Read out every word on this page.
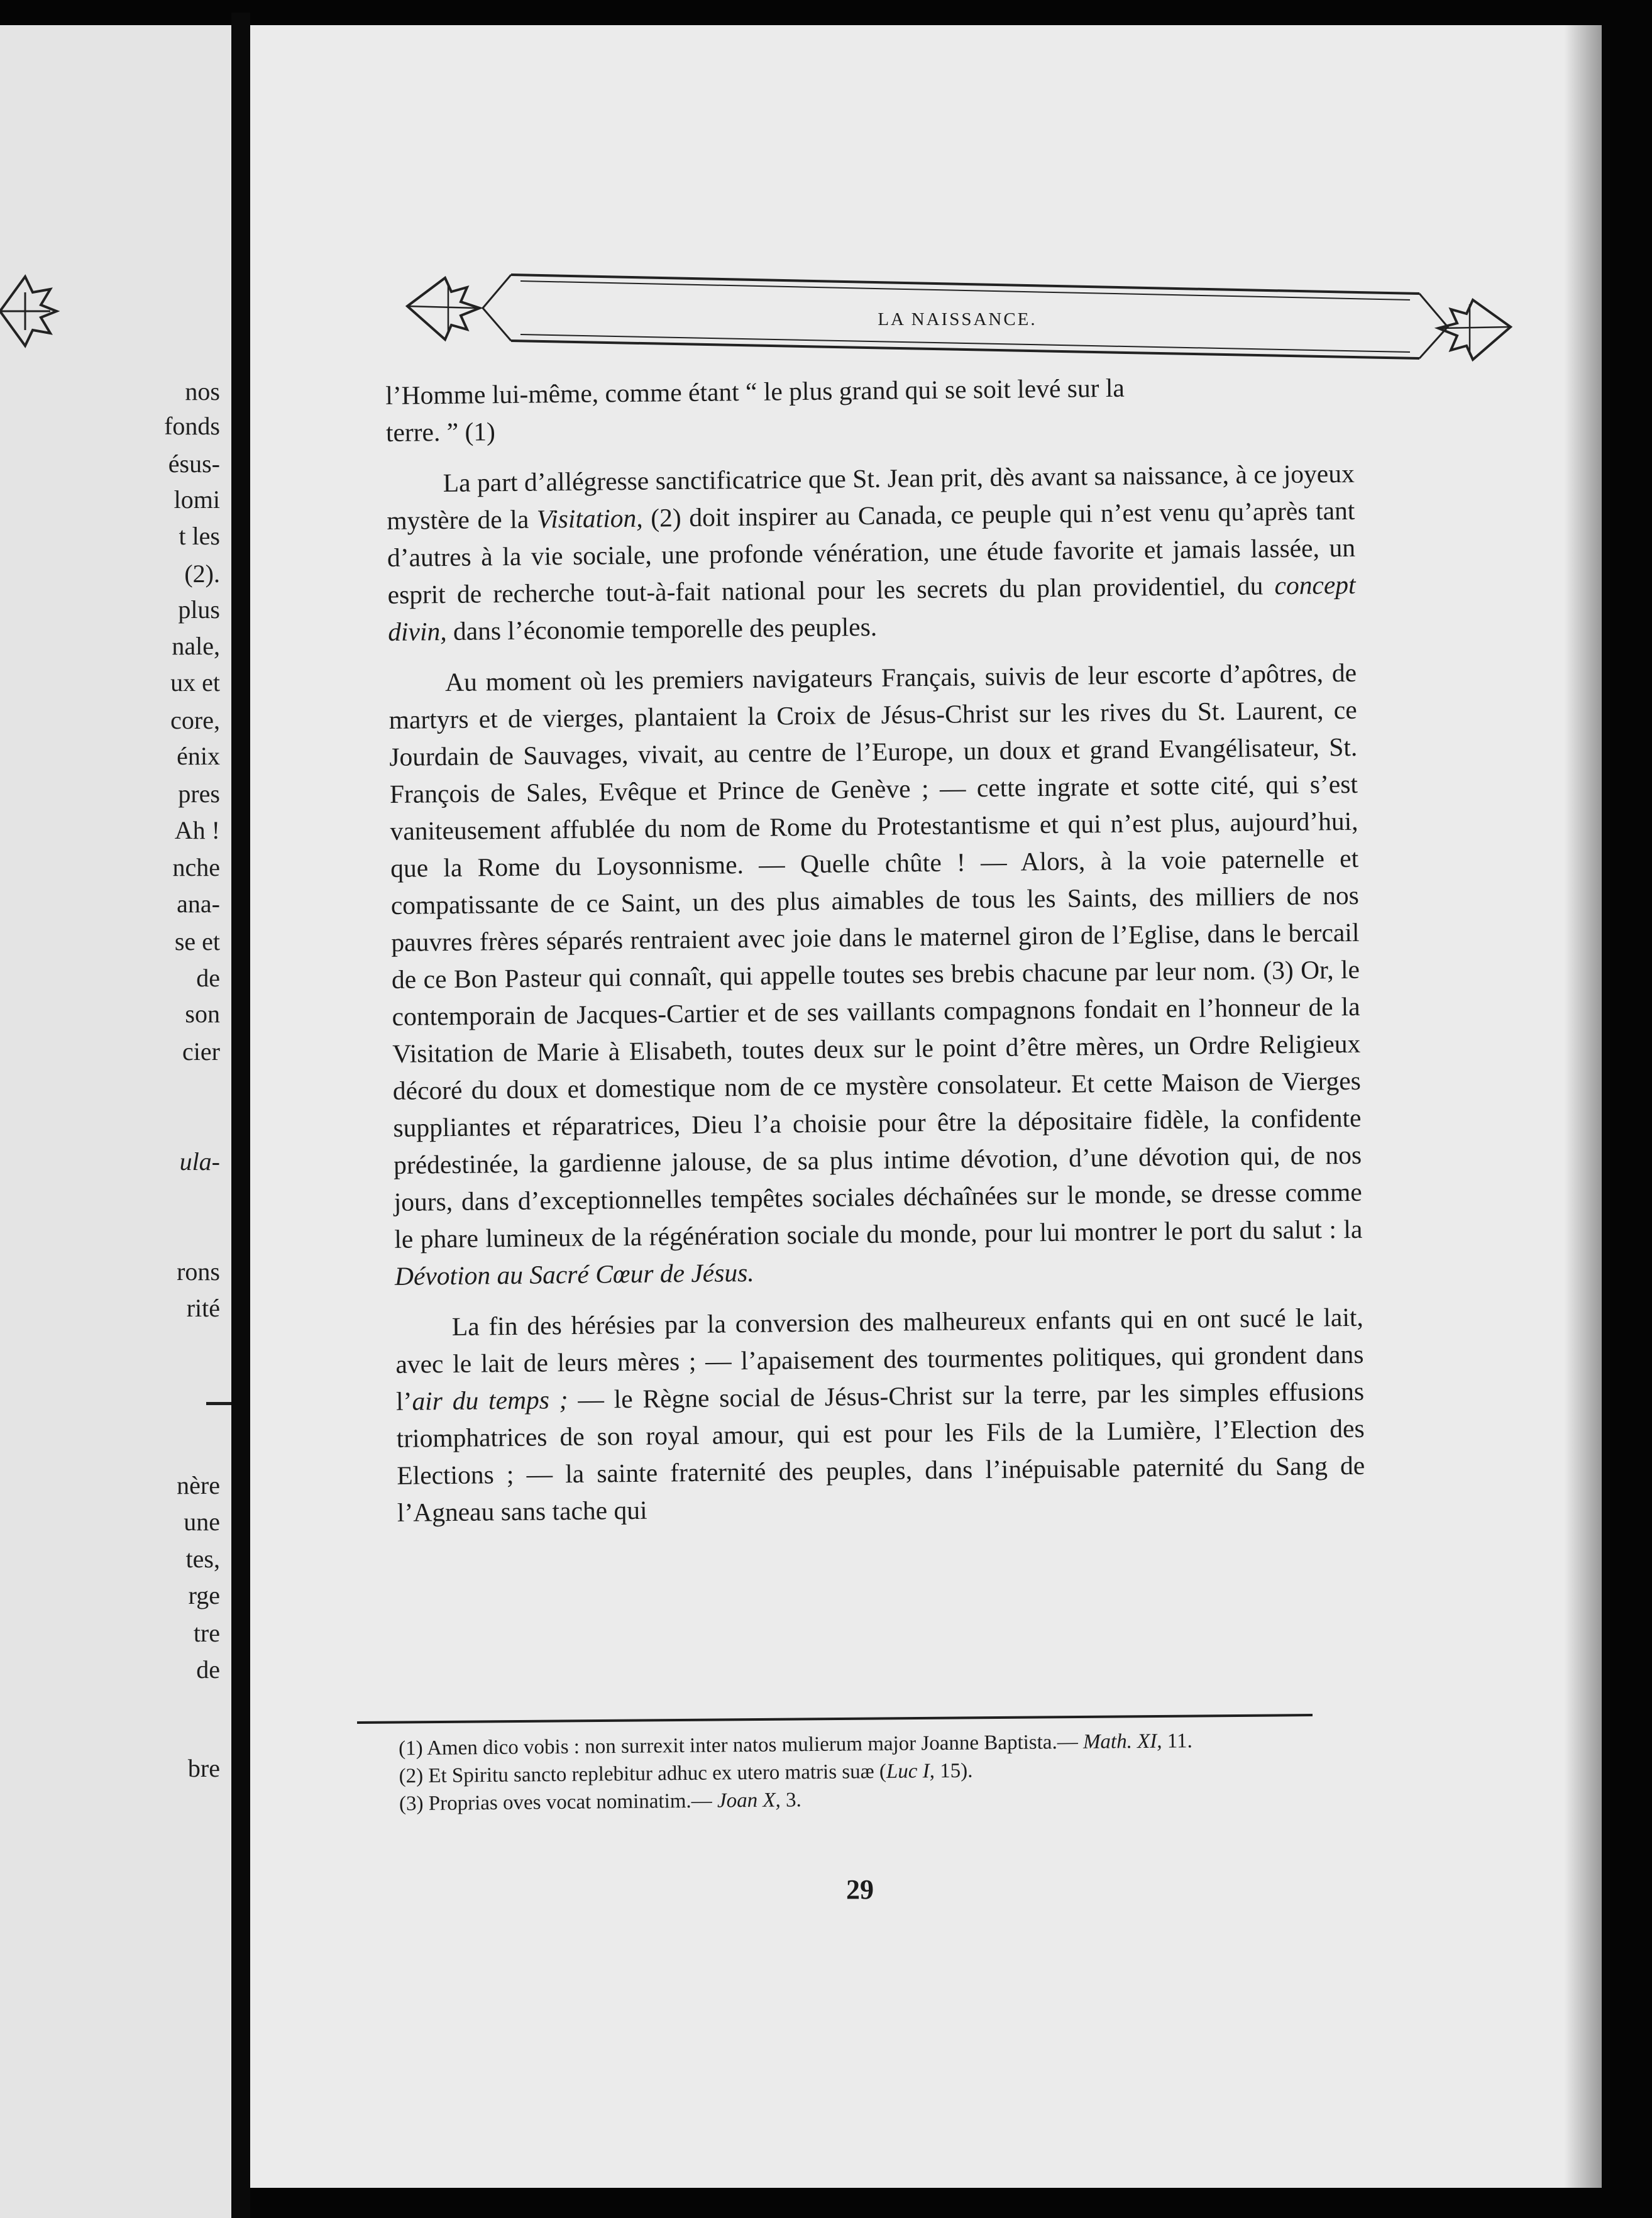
nos
fonds
ésus-
lomi
t les
(2).
plus
nale,
ux et
core,
énix
pres
Ah !
nche
ana-
se et
de
son
cier
ula-
rons
rité
nère
une
tes,
rge
tre
de
bre
LA NAISSANCE.

l’Homme lui-même, comme étant “ le plus grand qui se soit levé sur la
terre. ” (1)

La part d’allégresse sanctificatrice que St. Jean prit, dès avant sa naissance, à ce joyeux mystère de la Visitation, (2) doit inspirer au Canada, ce peuple qui n’est venu qu’après tant d’autres à la vie sociale, une profonde vénération, une étude favorite et jamais lassée, un esprit de recherche tout-à-fait national pour les secrets du plan providentiel, du concept divin, dans l’économie temporelle des peuples.

Au moment où les premiers navigateurs Français, suivis de leur escorte d’apôtres, de martyrs et de vierges, plantaient la Croix de Jésus-Christ sur les rives du St. Laurent, ce Jourdain de Sauvages, vivait, au centre de l’Europe, un doux et grand Evangélisateur, St. François de Sales, Evêque et Prince de Genève ; — cette ingrate et sotte cité, qui s’est vaniteusement affublée du nom de Rome du Protestantisme et qui n’est plus, aujourd’hui, que la Rome du Loysonnisme. — Quelle chûte ! — Alors, à la voie paternelle et compatissante de ce Saint, un des plus aimables de tous les Saints, des milliers de nos pauvres frères séparés rentraient avec joie dans le maternel giron de l’Eglise, dans le bercail de ce Bon Pasteur qui connaît, qui appelle toutes ses brebis chacune par leur nom. (3) Or, le contemporain de Jacques-Cartier et de ses vaillants compagnons fondait en l’honneur de la Visitation de Marie à Elisabeth, toutes deux sur le point d’être mères, un Ordre Religieux décoré du doux et domestique nom de ce mystère consolateur. Et cette Maison de Vierges suppliantes et réparatrices, Dieu l’a choisie pour être la dépositaire fidèle, la confidente prédestinée, la gardienne jalouse, de sa plus intime dévotion, d’une dévotion qui, de nos jours, dans d’exceptionnelles tempêtes sociales déchaînées sur le monde, se dresse comme le phare lumineux de la régénération sociale du monde, pour lui montrer le port du salut : la Dévotion au Sacré Cœur de Jésus.

La fin des hérésies par la conversion des malheureux enfants qui en ont sucé le lait, avec le lait de leurs mères ; — l’apaisement des tourmentes politiques, qui grondent dans l’air du temps ; — le Règne social de Jésus-Christ sur la terre, par les simples effusions triomphatrices de son royal amour, qui est pour les Fils de la Lumière, l’Election des Elections ; — la sainte fraternité des peuples, dans l’inépuisable paternité du Sang de l’Agneau sans tache qui

(1) Amen dico vobis : non surrexit inter natos mulierum major Joanne Baptista.— Math. XI, 11.

(2) Et Spiritu sancto replebitur adhuc ex utero matris suæ (Luc I, 15).

(3) Proprias oves vocat nominatim.— Joan X, 3.

29
